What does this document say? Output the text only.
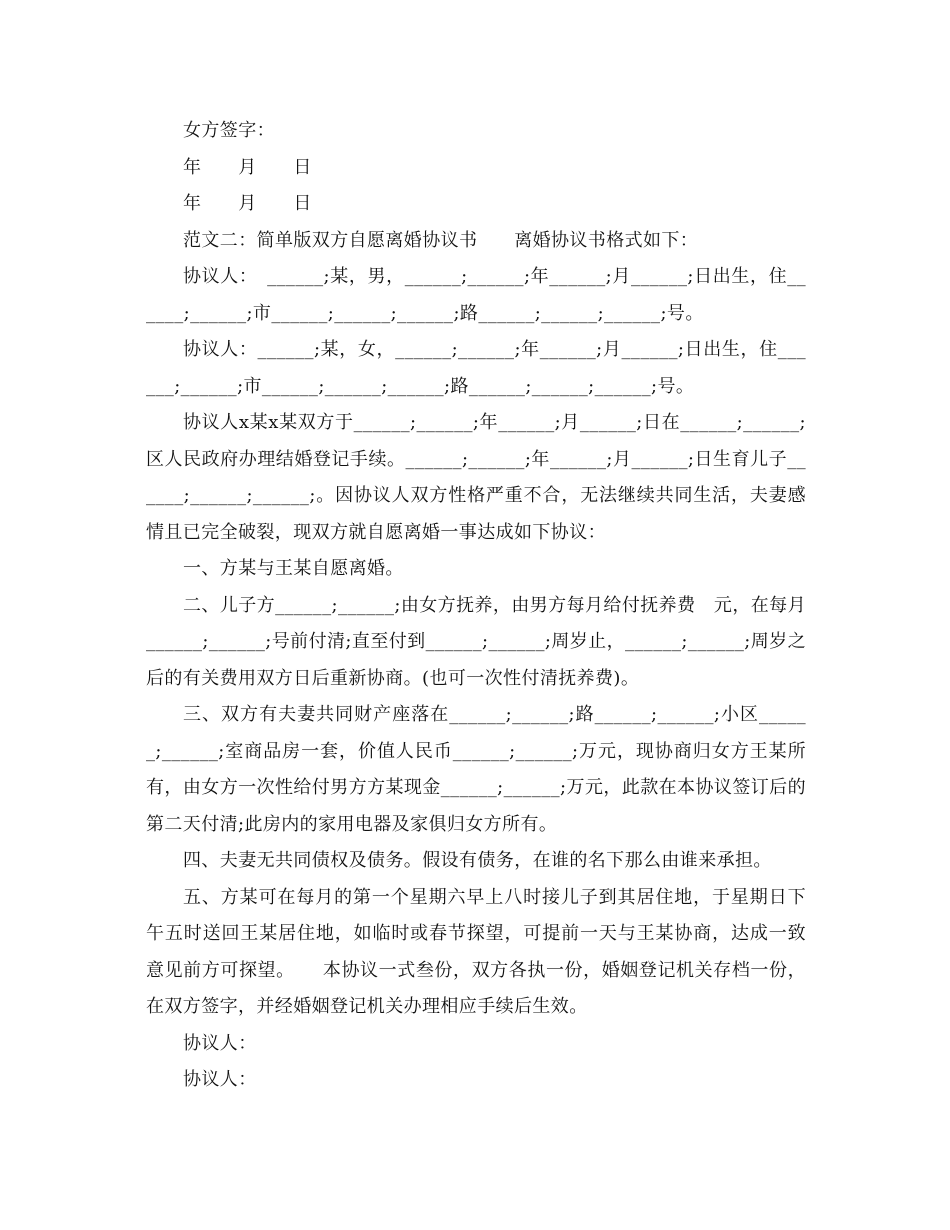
女方签字：

年　　月　　日

年　　月　　日

范文二：简单版双方自愿离婚协议书　　离婚协议书格式如下：

协议人：　______;某，男，______;______;年______;月______;日出生，住______;______;市______;______;______;路______;______;______;号。

协议人：______;某，女，______;______;年______;月______;日出生，住______;______;市______;______;______;路______;______;______;号。

协议人x某x某双方于______;______;年______;月______;日在______;______;区人民政府办理结婚登记手续。______;______;年______;月______;日生育儿子______;______;______;。因协议人双方性格严重不合，无法继续共同生活，夫妻感情且已完全破裂，现双方就自愿离婚一事达成如下协议：

一、方某与王某自愿离婚。

二、儿子方______;______;由女方抚养，由男方每月给付抚养费　元，在每月______;______;号前付清;直至付到______;______;周岁止，______;______;周岁之后的有关费用双方日后重新协商。(也可一次性付清抚养费)。

三、双方有夫妻共同财产座落在______;______;路______;______;小区______;______;室商品房一套，价值人民币______;______;万元，现协商归女方王某所有，由女方一次性给付男方方某现金______;______;万元，此款在本协议签订后的第二天付清;此房内的家用电器及家俱归女方所有。

四、夫妻无共同债权及债务。假设有债务，在谁的名下那么由谁来承担。

五、方某可在每月的第一个星期六早上八时接儿子到其居住地，于星期日下午五时送回王某居住地，如临时或春节探望，可提前一天与王某协商，达成一致意见前方可探望。　　本协议一式叁份，双方各执一份，婚姻登记机关存档一份，在双方签字，并经婚姻登记机关办理相应手续后生效。

协议人：

协议人：
